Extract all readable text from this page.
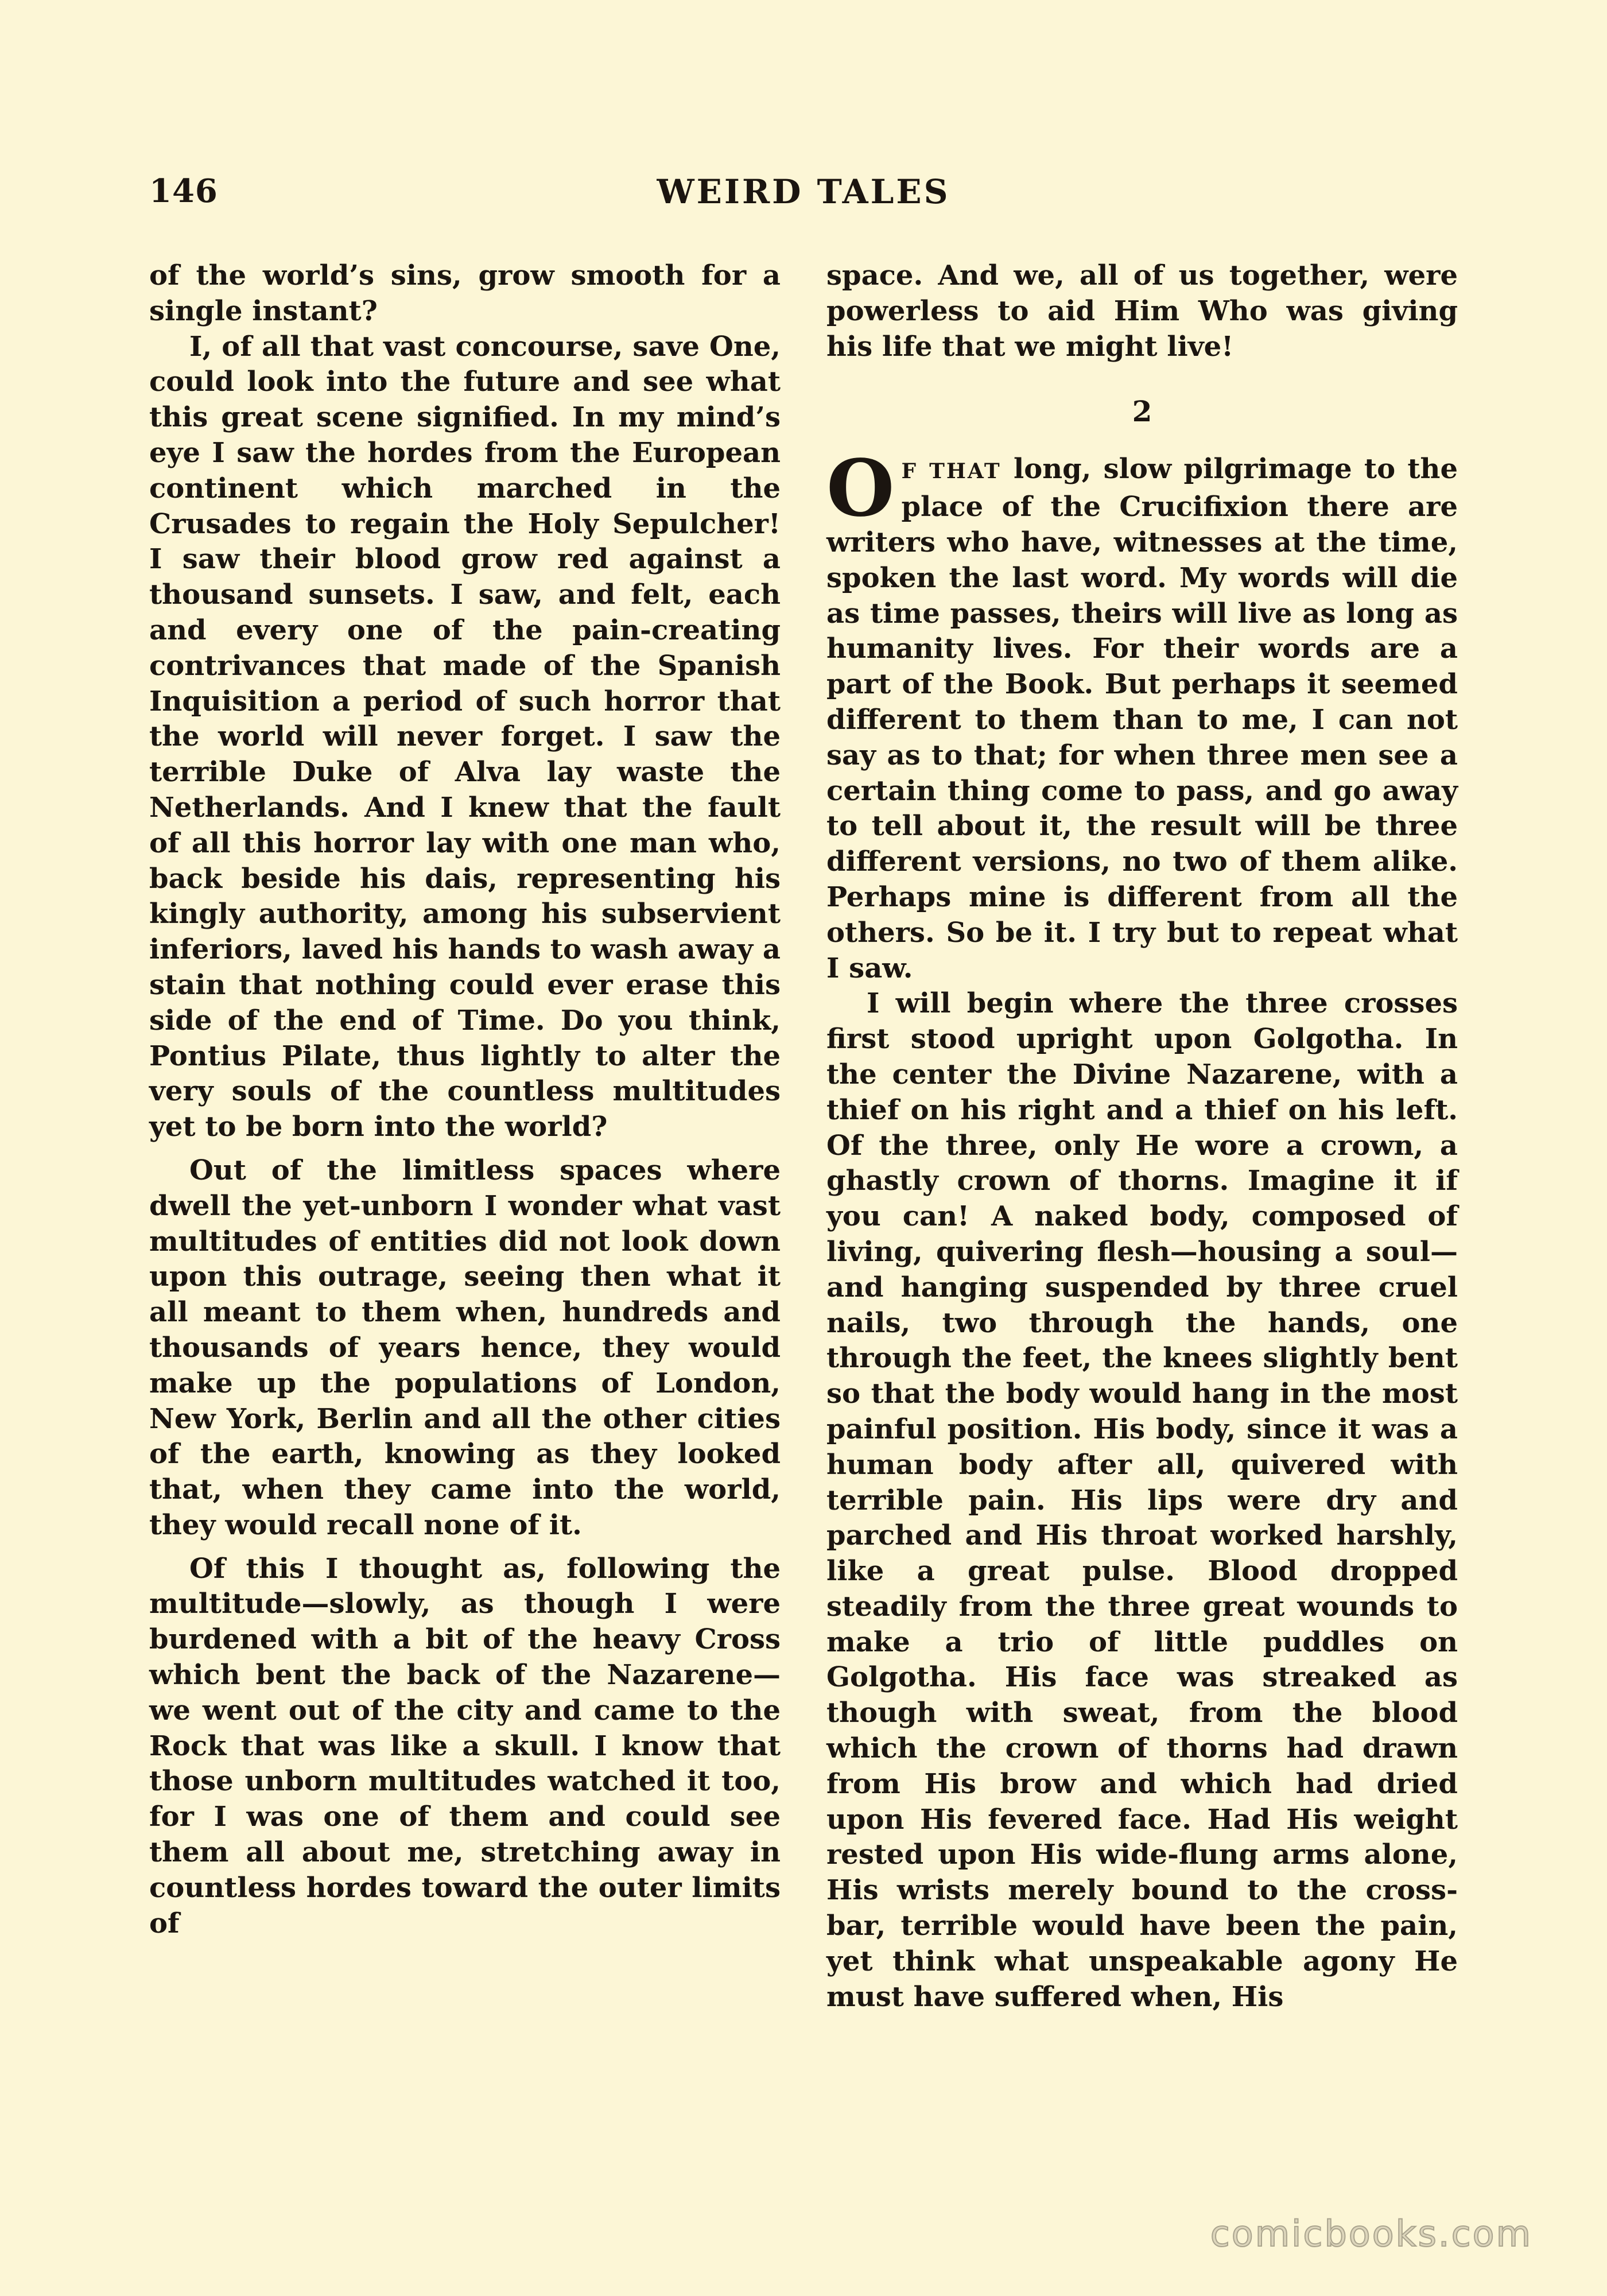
146	WEIRD TALES

of the world’s sins, grow smooth for a single instant?

I, of all that vast concourse, save One, could look into the future and see what this great scene signified. In my mind’s eye I saw the hordes from the European continent which marched in the Crusades to regain the Holy Sepulcher! I saw their blood grow red against a thousand sunsets. I saw, and felt, each and every one of the pain-creating contrivances that made of the Spanish Inquisition a period of such horror that the world will never forget. I saw the terrible Duke of Alva lay waste the Netherlands. And I knew that the fault of all this horror lay with one man who, back beside his dais, representing his kingly authority, among his subservient inferiors, laved his hands to wash away a stain that nothing could ever erase this side of the end of Time. Do you think, Pontius Pilate, thus lightly to alter the very souls of the countless multitudes yet to be born into the world?

Out of the limitless spaces where dwell the yet-unborn I wonder what vast multitudes of entities did not look down upon this outrage, seeing then what it all meant to them when, hundreds and thousands of years hence, they would make up the populations of London, New York, Berlin and all the other cities of the earth, knowing as they looked that, when they came into the world, they would recall none of it.

Of this I thought as, following the multitude—slowly, as though I were burdened with a bit of the heavy Cross which bent the back of the Nazarene—we went out of the city and came to the Rock that was like a skull. I know that those unborn multitudes watched it too, for I was one of them and could see them all about me, stretching away in countless hordes toward the outer limits of

space. And we, all of us together, were powerless to aid Him Who was giving his life that we might live!

2

O F THAT long, slow pilgrimage to the place of the Crucifixion there are writers who have, witnesses at the time, spoken the last word. My words will die as time passes, theirs will live as long as humanity lives. For their words are a part of the Book. But perhaps it seemed different to them than to me, I can not say as to that; for when three men see a certain thing come to pass, and go away to tell about it, the result will be three different versions, no two of them alike. Perhaps mine is different from all the others. So be it. I try but to repeat what I saw.

I will begin where the three crosses first stood upright upon Golgotha. In the center the Divine Nazarene, with a thief on his right and a thief on his left. Of the three, only He wore a crown, a ghastly crown of thorns. Imagine it if you can! A naked body, composed of living, quivering flesh—housing a soul—and hanging suspended by three cruel nails, two through the hands, one through the feet, the knees slightly bent so that the body would hang in the most painful position. His body, since it was a human body after all, quivered with terrible pain. His lips were dry and parched and His throat worked harshly, like a great pulse. Blood dropped steadily from the three great wounds to make a trio of little puddles on Golgotha. His face was streaked as though with sweat, from the blood which the crown of thorns had drawn from His brow and which had dried upon His fevered face. Had His weight rested upon His wide-flung arms alone, His wrists merely bound to the cross-bar, terrible would have been the pain, yet think what unspeakable agony He must have suffered when, His

comicbooks.com
